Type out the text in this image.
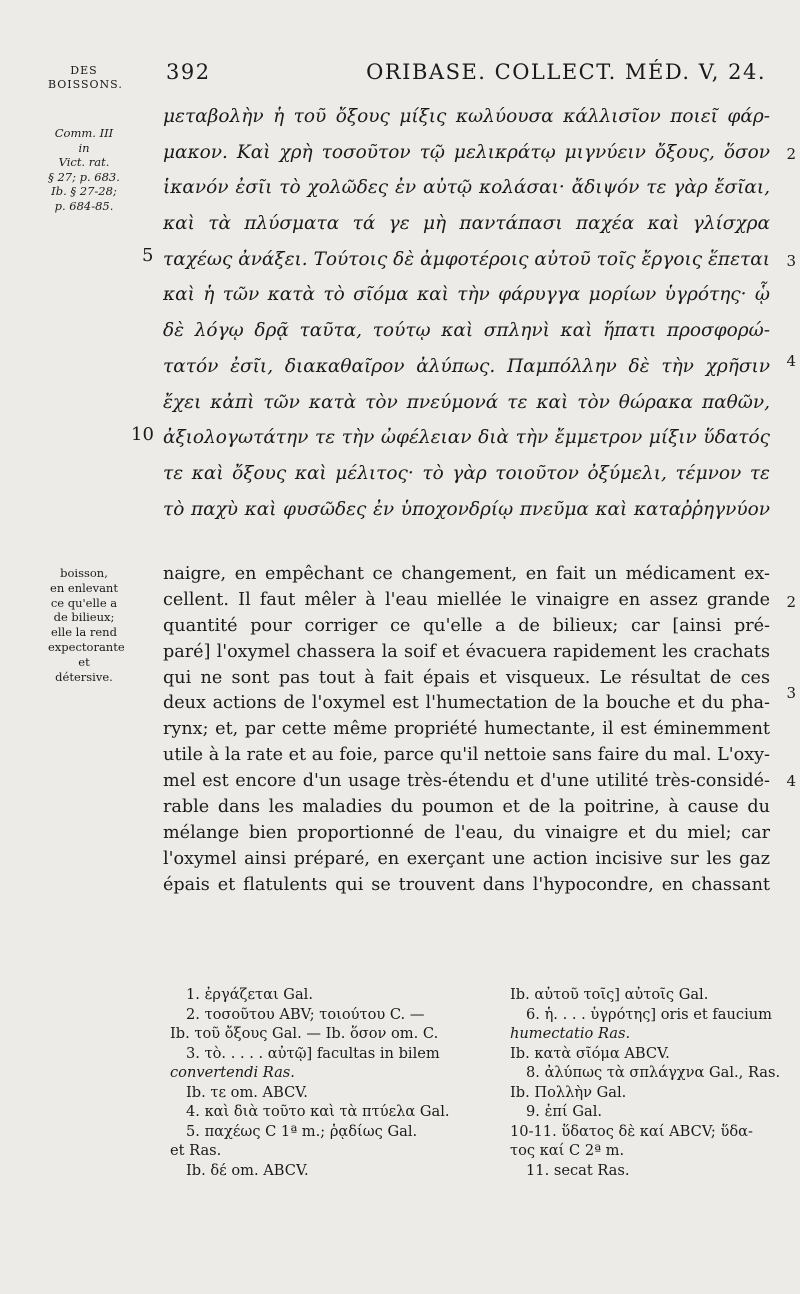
DES
BOISSONS.
Comm. III in
Vict. rat.
§ 27; p. 683.
Ib. § 27-28;
p. 684-85.
boisson,
en enlevant
ce qu'elle a
de bilieux;
elle la rend
expectorante
et détersive.
392	ORIBASE. COLLECT. MÉD. V, 24.
μεταβολὴν ἡ τοῦ ὄξους μίξις κωλύουσα κάλλισῖον ποιεῖ φάρ-
μακον. Καὶ χρὴ τοσοῦτον τῷ μελικράτῳ μιγνύειν ὄξους, ὅσον
ἱκανόν ἐσῖι τὸ χολῶδες ἐν αὐτῷ κολάσαι· ἄδιψόν τε γὰρ ἔσῖαι,
καὶ τὰ πλύσματα τά γε μὴ παντάπασι παχέα καὶ γλίσχρα
ταχέως ἀνάξει. Τούτοις δὲ ἀμφοτέροις αὐτοῦ τοῖς ἔργοις ἕπεται
καὶ ἡ τῶν κατὰ τὸ σῖόμα καὶ τὴν φάρυγγα μορίων ὑγρότης· ᾧ
δὲ λόγῳ δρᾷ ταῦτα, τούτῳ καὶ σπληνὶ καὶ ἥπατι προσφορώ-
τατόν ἐσῖι, διακαθαῖρον ἀλύπως. Παμπόλλην δὲ τὴν χρῆσιν
ἔχει κἀπὶ τῶν κατὰ τὸν πνεύμονά τε καὶ τὸν θώρακα παθῶν,
ἀξιολογωτάτην τε τὴν ὠφέλειαν διὰ τὴν ἔμμετρον μίξιν ὕδατός
τε καὶ ὄξους καὶ μέλιτος· τὸ γὰρ τοιοῦτον ὀξύμελι, τέμνον τε
τὸ παχὺ καὶ φυσῶδες ἐν ὑποχονδρίῳ πνεῦμα καὶ καταῤῥηγνύον
5
10
2
3
4
naigre, en empêchant ce changement, en fait un médicament ex-
cellent. Il faut mêler à l'eau miellée le vinaigre en assez grande
quantité pour corriger ce qu'elle a de bilieux; car [ainsi pré-
paré] l'oxymel chassera la soif et évacuera rapidement les crachats
qui ne sont pas tout à fait épais et visqueux. Le résultat de ces
deux actions de l'oxymel est l'humectation de la bouche et du pha-
rynx; et, par cette même propriété humectante, il est éminemment
utile à la rate et au foie, parce qu'il nettoie sans faire du mal. L'oxy-
mel est encore d'un usage très-étendu et d'une utilité très-considé-
rable dans les maladies du poumon et de la poitrine, à cause du
mélange bien proportionné de l'eau, du vinaigre et du miel; car
l'oxymel ainsi préparé, en exerçant une action incisive sur les gaz
épais et flatulents qui se trouvent dans l'hypocondre, en chassant
2
3
4
1. ἐργάζεται Gal.
2. τοσοῦτου ABV; τοιούτου C. —
Ib. τοῦ ὄξους Gal. — Ib. ὅσον om. C.
3. τὸ. . . . . αὐτῷ] facultas in bilem
convertendi Ras.
Ib. τε om. ABCV.
4. καὶ διὰ τοῦτο καὶ τὰ πτύελα Gal.
5. παχέως C 1ª m.; ῥᾳδίως Gal.
et Ras.
Ib. δέ om. ABCV.
Ib. αὐτοῦ τοῖς] αὐτοῖς Gal.
6. ἡ. . . . ὑγρότης] oris et faucium
humectatio Ras.
Ib. κατὰ σῖόμα ABCV.
8. ἀλύπως τὰ σπλάγχνα Gal., Ras.
Ib. Πολλὴν Gal.
9. ἐπί Gal.
10-11. ὕδατος δὲ καί ABCV; ὕδα-
τος καί C 2ª m.
11. secat Ras.
